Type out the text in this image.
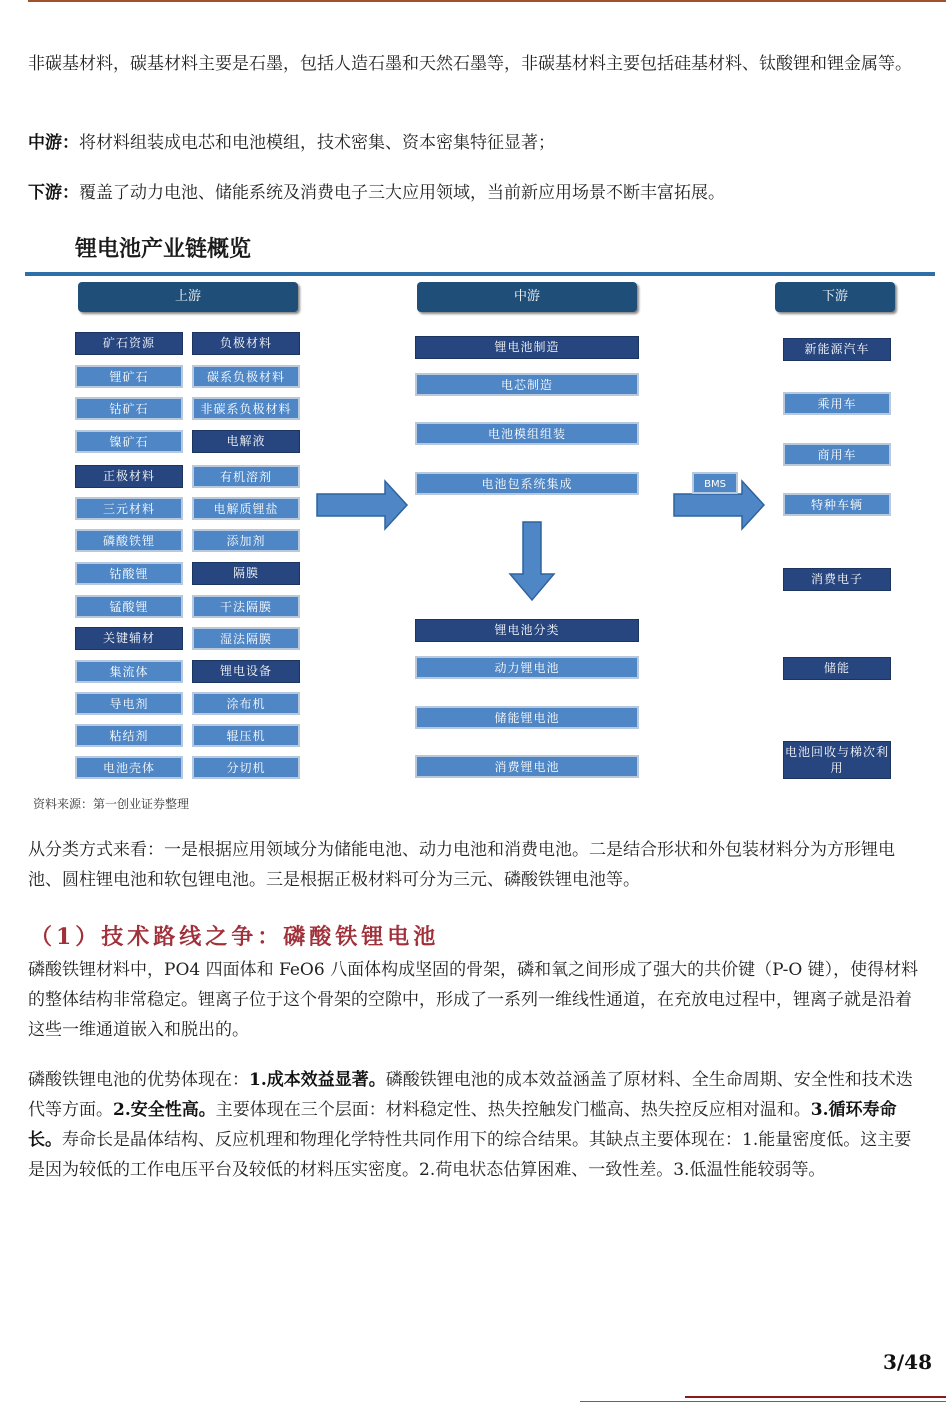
非碳基材料，碳基材料主要是石墨，包括人造石墨和天然石墨等，非碳基材料主要包括硅基材料、钛酸锂和锂金属等。

中游：将材料组装成电芯和电池模组，技术密集、资本密集特征显著；

下游：覆盖了动力电池、储能系统及消费电子三大应用领域，当前新应用场景不断丰富拓展。

锂电池产业链概览
上游	中游	下游
矿石资源
锂矿石
钴矿石
镍矿石
正极材料
三元材料
磷酸铁锂
钴酸锂
锰酸锂
关键辅材
集流体
导电剂
粘结剂
电池壳体
负极材料
碳系负极材料
非碳系负极材料
电解液
有机溶剂
电解质锂盐
添加剂
隔膜
干法隔膜
湿法隔膜
锂电设备
涂布机
辊压机
分切机
锂电池制造
电芯制造
电池模组组装
电池包系统集成
锂电池分类
动力锂电池
储能锂电池
消费锂电池
新能源汽车
乘用车
商用车
特种车辆
消费电子
储能
电池回收与梯次利用
BMS
资料来源：第一创业证券整理

从分类方式来看：一是根据应用领域分为储能电池、动力电池和消费电池。二是结合形状和外包装材料分为方形锂电池、圆柱锂电池和软包锂电池。三是根据正极材料可分为三元、磷酸铁锂电池等。

（1）技术路线之争：磷酸铁锂电池

磷酸铁锂材料中，PO4 四面体和 FeO6 八面体构成坚固的骨架，磷和氧之间形成了强大的共价键（P-O 键），使得材料的整体结构非常稳定。锂离子位于这个骨架的空隙中，形成了一系列一维线性通道，在充放电过程中，锂离子就是沿着这些一维通道嵌入和脱出的。

磷酸铁锂电池的优势体现在：1.成本效益显著。磷酸铁锂电池的成本效益涵盖了原材料、全生命周期、安全性和技术迭代等方面。2.安全性高。主要体现在三个层面：材料稳定性、热失控触发门槛高、热失控反应相对温和。3.循环寿命长。寿命长是晶体结构、反应机理和物理化学特性共同作用下的综合结果。其缺点主要体现在：1.能量密度低。这主要是因为较低的工作电压平台及较低的材料压实密度。2.荷电状态估算困难、一致性差。3.低温性能较弱等。

3/48
